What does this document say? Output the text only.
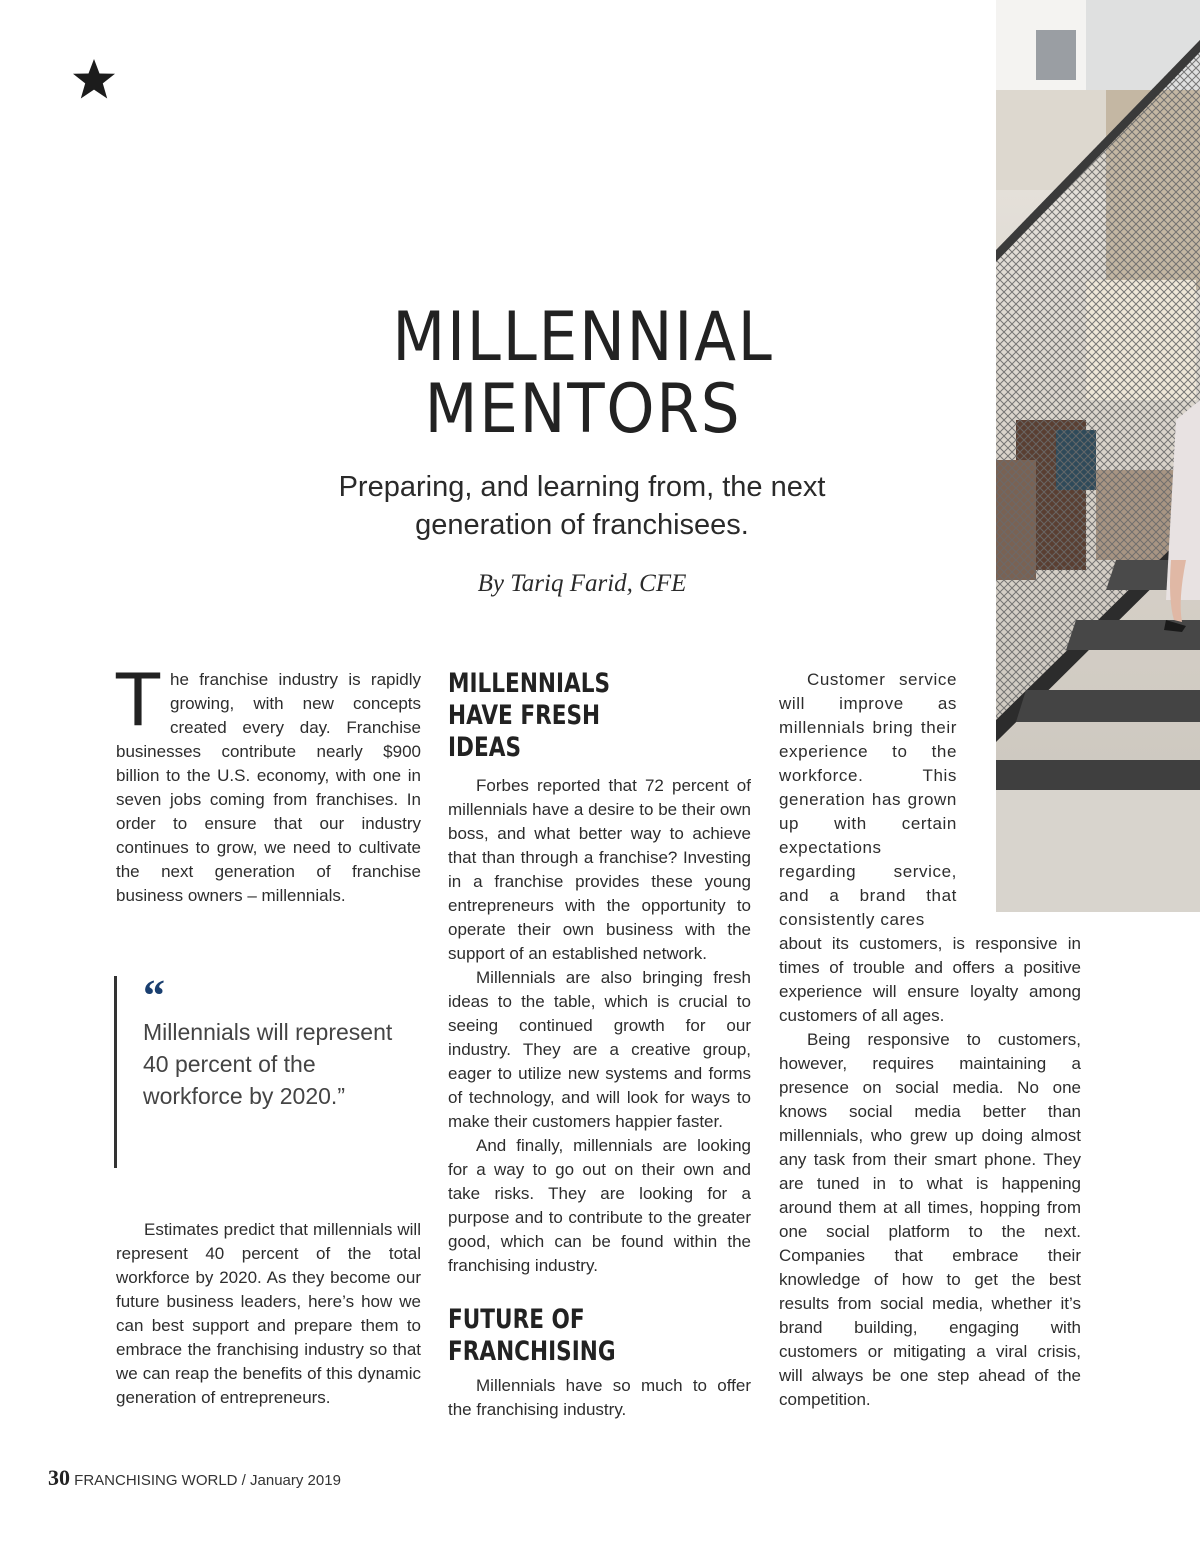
MILLENNIAL
MENTORS

Preparing, and learning from, the next generation of franchisees.

By Tariq Farid, CFE

The franchise industry is rapidly growing, with new concepts created every day. Franchise businesses contribute nearly $900 billion to the U.S. economy, with one in seven jobs coming from franchises. In order to ensure that our industry continues to grow, we need to cultivate the next generation of franchise business owners – millennials.

“
Millennials will represent 40 percent of the workforce by 2020.”

Estimates predict that millennials will represent 40 percent of the total workforce by 2020. As they become our future business leaders, here’s how we can best support and prepare them to embrace the franchising industry so that we can reap the benefits of this dynamic generation of entrepreneurs.

MILLENNIALS HAVE FRESH IDEAS

Forbes reported that 72 percent of millennials have a desire to be their own boss, and what better way to achieve that than through a franchise? Investing in a franchise provides these young entrepreneurs with the opportunity to operate their own business with the support of an established network.

Millennials are also bringing fresh ideas to the table, which is crucial to seeing continued growth for our industry. They are a creative group, eager to utilize new systems and forms of technology, and will look for ways to make their customers happier faster.

And finally, millennials are looking for a way to go out on their own and take risks. They are looking for a purpose and to contribute to the greater good, which can be found within the franchising industry.

FUTURE OF FRANCHISING

Millennials have so much to offer the franchising industry.

Customer service will improve as millennials bring their experience to the workforce. This generation has grown up with certain expectations regarding service, and a brand that consistently cares

about its customers, is responsive in times of trouble and offers a positive experience will ensure loyalty among customers of all ages.

Being responsive to customers, however, requires maintaining a presence on social media. No one knows social media better than millennials, who grew up doing almost any task from their smart phone. They are tuned in to what is happening around them at all times, hopping from one social platform to the next. Companies that embrace their knowledge of how to get the best results from social media, whether it’s brand building, engaging with customers or mitigating a viral crisis, will always be one step ahead of the competition.

30 FRANCHISING WORLD / January 2019
